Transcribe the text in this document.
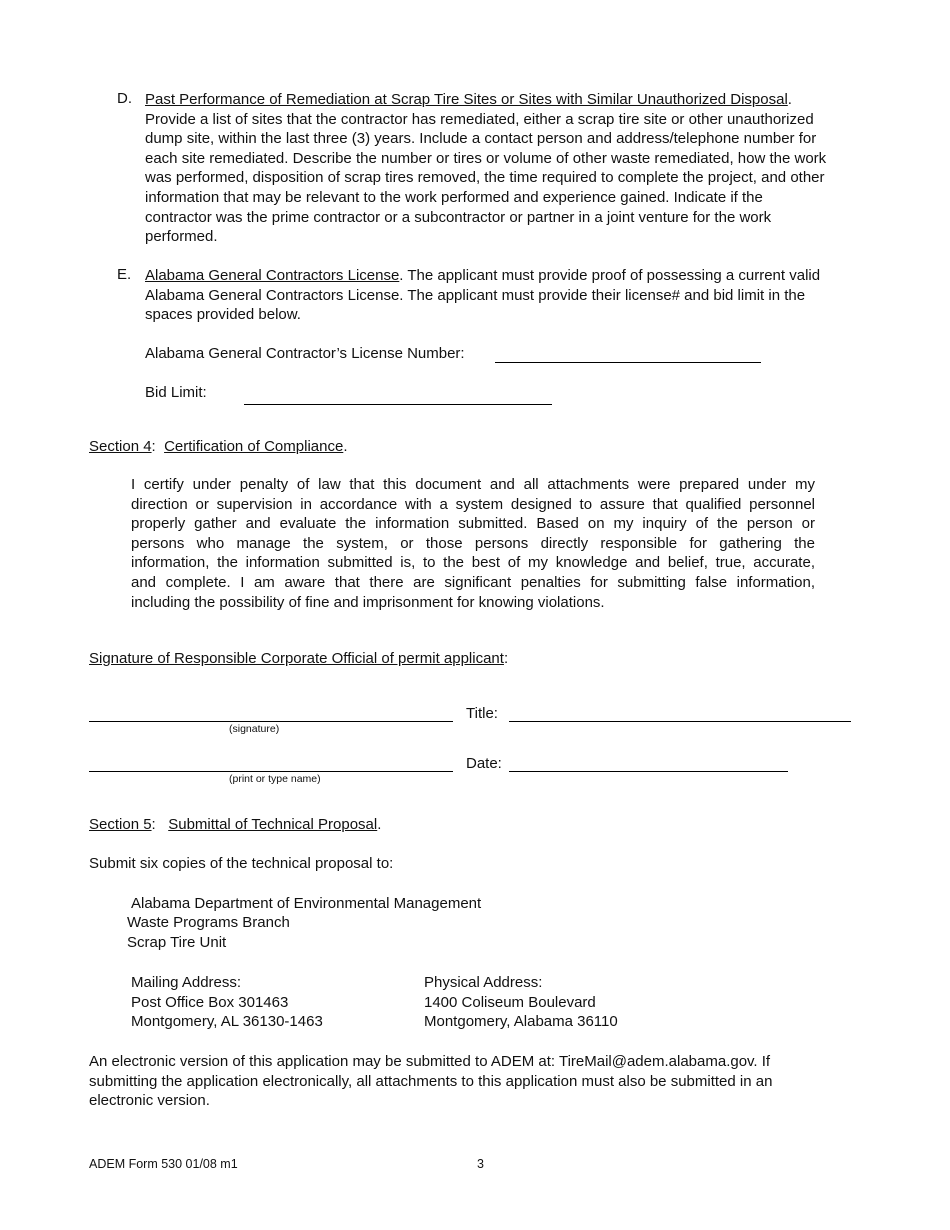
D. Past Performance of Remediation at Scrap Tire Sites or Sites with Similar Unauthorized Disposal.
Provide a list of sites that the contractor has remediated, either a scrap tire site or other unauthorized
dump site, within the last three (3) years. Include a contact person and address/telephone number for
each site remediated. Describe the number or tires or volume of other waste remediated, how the work
was performed, disposition of scrap tires removed, the time required to complete the project, and other
information that may be relevant to the work performed and experience gained. Indicate if the
contractor was the prime contractor or a subcontractor or partner in a joint venture for the work
performed.
E. Alabama General Contractors License. The applicant must provide proof of possessing a current valid
Alabama General Contractors License. The applicant must provide their license# and bid limit in the
spaces provided below.
Alabama General Contractor’s License Number:
Bid Limit:
Section 4:  Certification of Compliance.
I certify under penalty of law that this document and all attachments were prepared under my
direction or supervision in accordance with a system designed to assure that qualified personnel
properly gather and evaluate the information submitted. Based on my inquiry of the person or
persons who manage the system, or those persons directly responsible for gathering the
information, the information submitted is, to the best of my knowledge and belief, true, accurate,
and complete. I am aware that there are significant penalties for submitting false information,
including the possibility of fine and imprisonment for knowing violations.
Signature of Responsible Corporate Official of permit applicant:
(signature)
Title:
(print or type name)
Date:
Section 5:   Submittal of Technical Proposal.
Submit six copies of the technical proposal to:
Alabama Department of Environmental Management
Waste Programs Branch
Scrap Tire Unit
Mailing Address:
Post Office Box 301463
Montgomery, AL 36130-1463
Physical Address:
1400 Coliseum Boulevard
Montgomery, Alabama 36110
An electronic version of this application may be submitted to ADEM at: TireMail@adem.alabama.gov. If
submitting the application electronically, all attachments to this application must also be submitted in an
electronic version.
ADEM Form 530 01/08 m1	3
